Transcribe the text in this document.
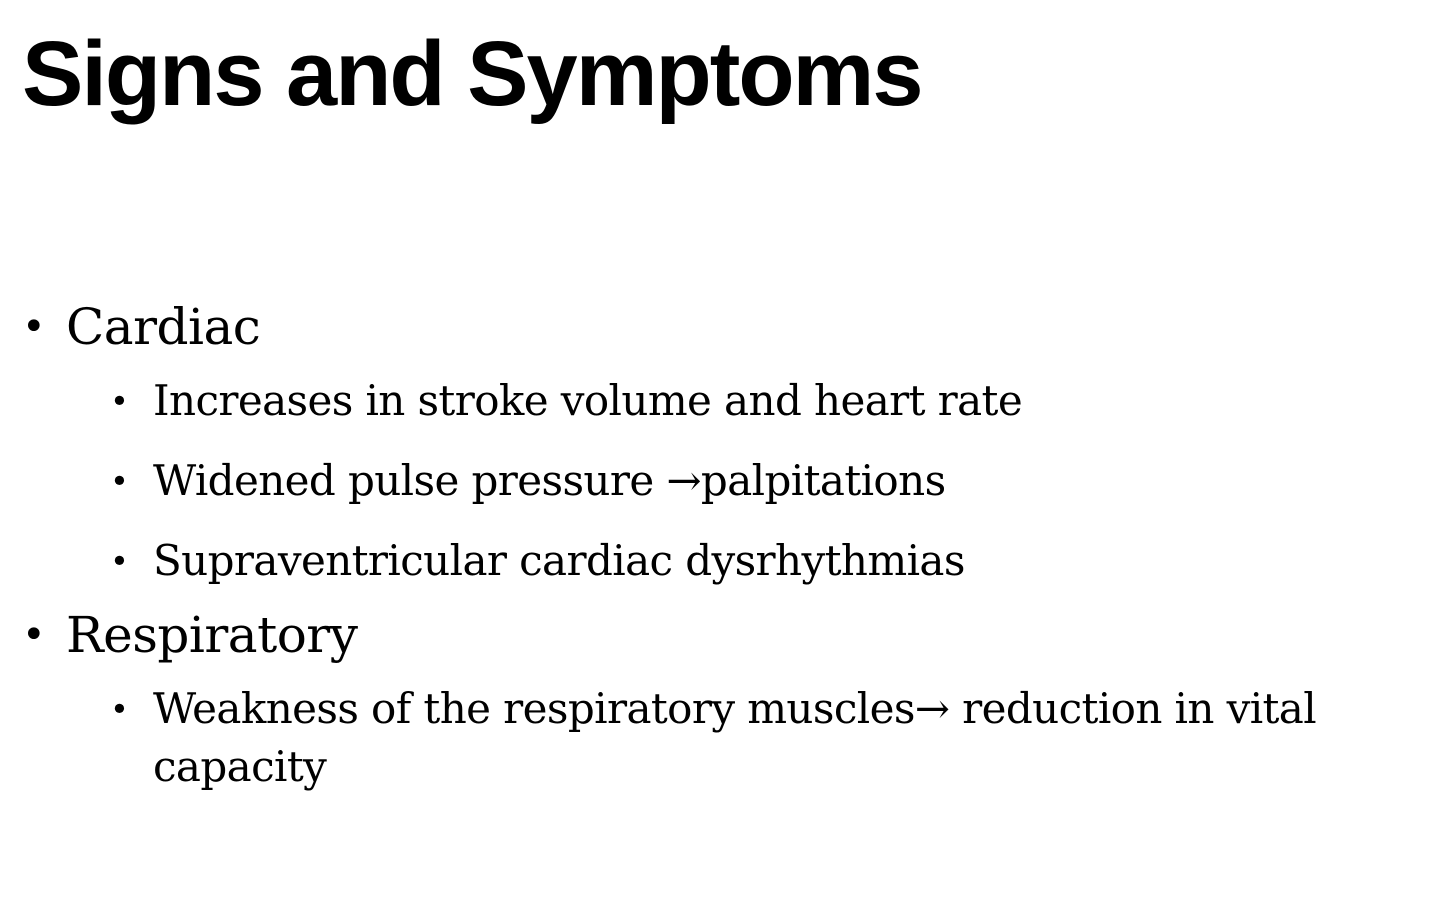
Signs and Symptoms
• Cardiac
• Increases in stroke volume and heart rate
• Widened pulse pressure →palpitations
• Supraventricular cardiac dysrhythmias
• Respiratory
• Weakness of the respiratory muscles→ reduction in vital capacity
